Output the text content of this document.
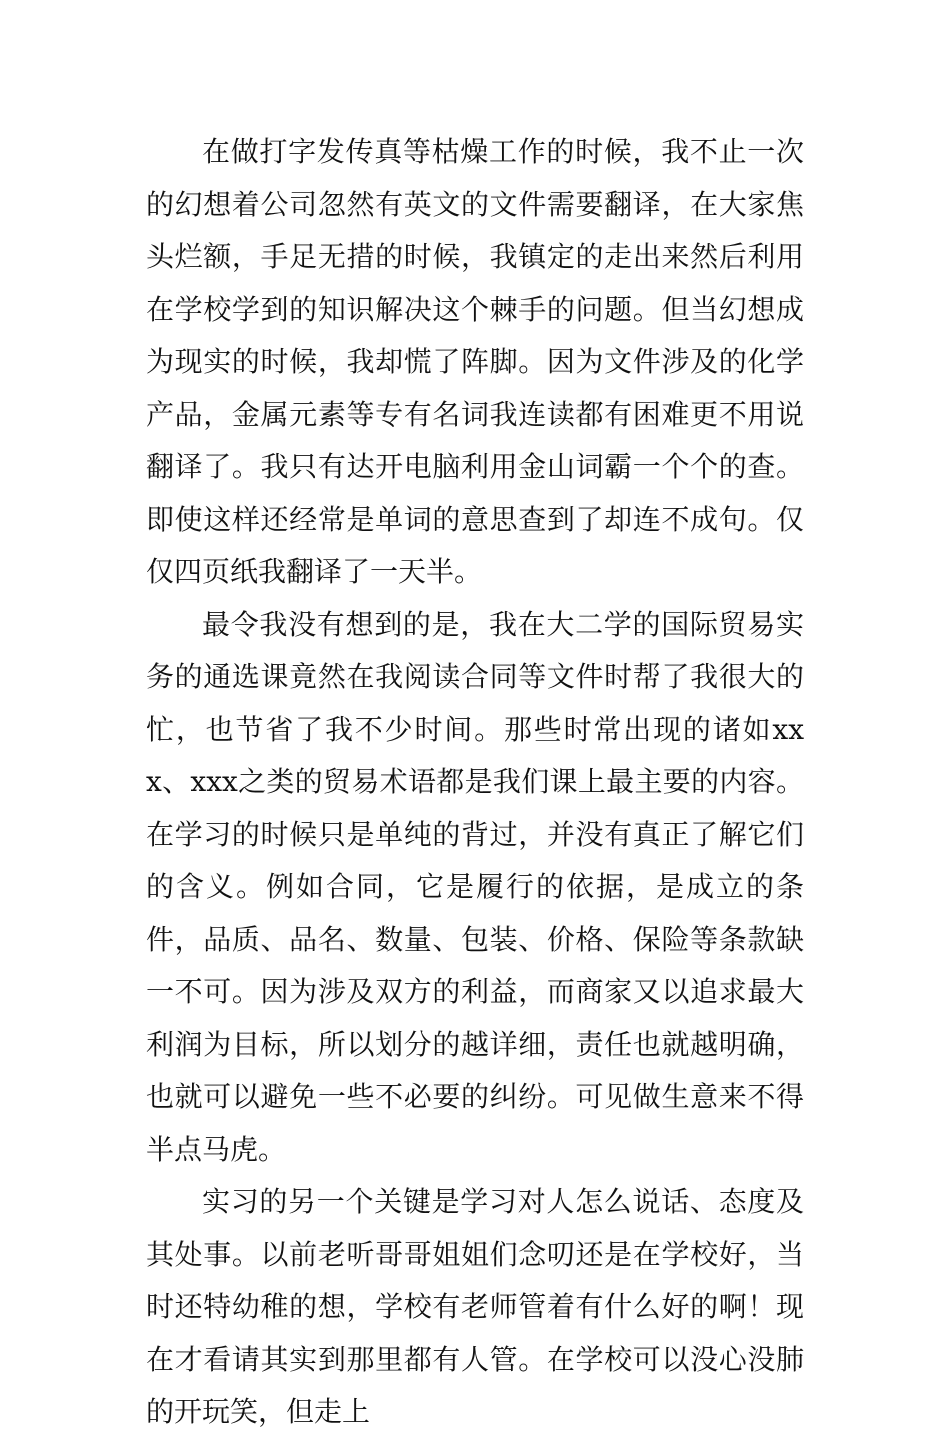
在做打字发传真等枯燥工作的时候，我不止一次的幻想着公司忽然有英文的文件需要翻译，在大家焦头烂额，手足无措的时候，我镇定的走出来然后利用在学校学到的知识解决这个棘手的问题。但当幻想成为现实的时候，我却慌了阵脚。因为文件涉及的化学产品，金属元素等专有名词我连读都有困难更不用说翻译了。我只有达开电脑利用金山词霸一个个的查。即使这样还经常是单词的意思查到了却连不成句。仅仅四页纸我翻译了一天半。

最令我没有想到的是，我在大二学的国际贸易实务的通选课竟然在我阅读合同等文件时帮了我很大的忙，也节省了我不少时间。那些时常出现的诸如xxx、xxx之类的贸易术语都是我们课上最主要的内容。在学习的时候只是单纯的背过，并没有真正了解它们的含义。例如合同，它是履行的依据，是成立的条件，品质、品名、数量、包装、价格、保险等条款缺一不可。因为涉及双方的利益，而商家又以追求最大利润为目标，所以划分的越详细，责任也就越明确，也就可以避免一些不必要的纠纷。可见做生意来不得半点马虎。

实习的另一个关键是学习对人怎么说话、态度及其处事。以前老听哥哥姐姐们念叨还是在学校好，当时还特幼稚的想，学校有老师管着有什么好的啊！现在才看请其实到那里都有人管。在学校可以没心没肺的开玩笑，但走上
